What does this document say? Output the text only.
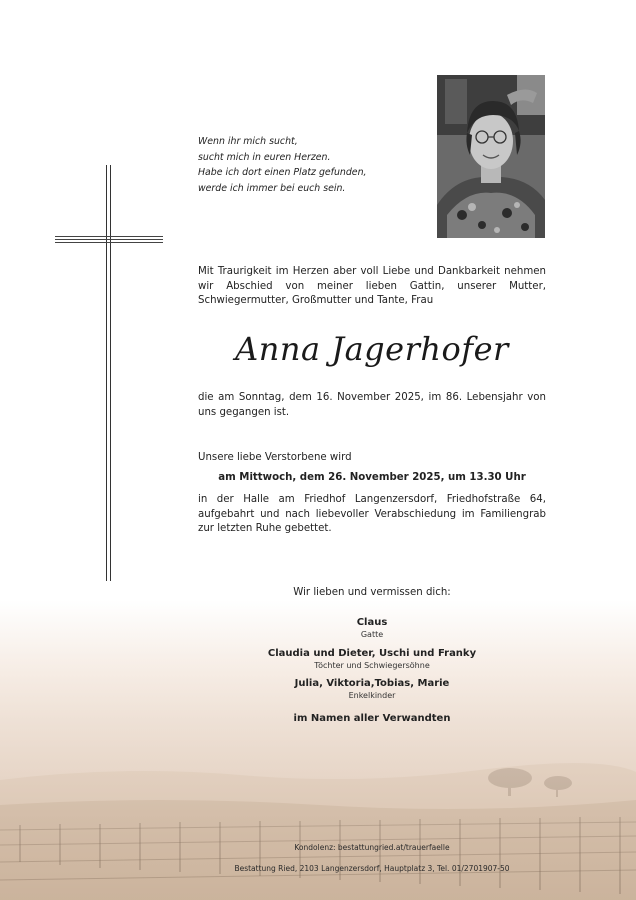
Wenn ihr mich sucht,
sucht mich in euren Herzen.
Habe ich dort einen Platz gefunden,
werde ich immer bei euch sein.
Mit Traurigkeit im Herzen aber voll Liebe und Dankbarkeit nehmen wir Abschied von meiner lieben Gattin, unserer Mutter, Schwiegermutter, Großmutter und Tante, Frau
Anna Jagerhofer
die am Sonntag, dem 16. November 2025, im 86. Lebensjahr von uns gegangen ist.
Unsere liebe Verstorbene wird
am Mittwoch, dem 26. November 2025, um 13.30 Uhr
in der Halle am Friedhof Langenzersdorf, Friedhofstraße 64, aufgebahrt und nach liebevoller Verabschiedung im Familiengrab zur letzten Ruhe gebettet.
Wir lieben und vermissen dich:
Claus
Gatte
Claudia und Dieter, Uschi und Franky
Töchter und Schwiegersöhne
Julia, Viktoria,Tobias, Marie
Enkelkinder
im Namen aller Verwandten
Kondolenz: bestattungried.at/trauerfaelle
Bestattung Ried, 2103 Langenzersdorf, Hauptplatz 3, Tel. 01/2701907-50
